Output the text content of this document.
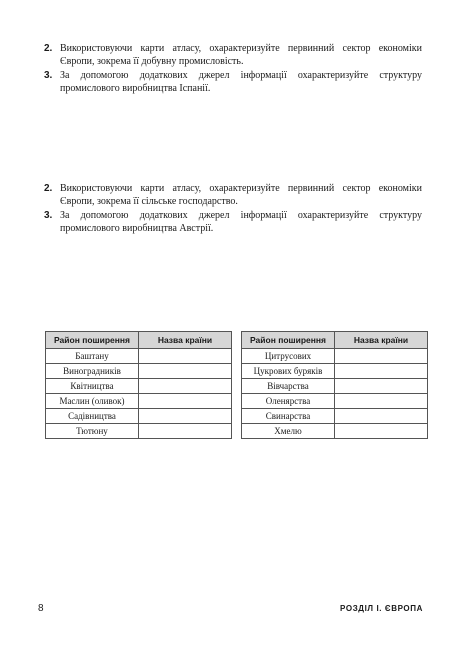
2. Використовуючи карти атласу, охарактеризуйте первинний сектор економіки Європи, зокрема її добувну промисловість.
3. За допомогою додаткових джерел інформації охарактеризуйте структуру промислового виробництва Іспанії.
2. Використовуючи карти атласу, охарактеризуйте первинний сектор економіки Європи, зокрема її сільське господарство.
3. За допомогою додаткових джерел інформації охарактеризуйте структуру промислового виробництва Австрії.
Район поширення	Назва країни
Баштану	
Виноградників	
Квітництва	
Маслин (оливок)	
Садівництва	
Тютюну	
Район поширення	Назва країни
Цитрусових	
Цукрових буряків	
Вівчарства	
Оленярства	
Свинарства	
Хмелю	
8	РОЗДІЛ І. ЄВРОПА
